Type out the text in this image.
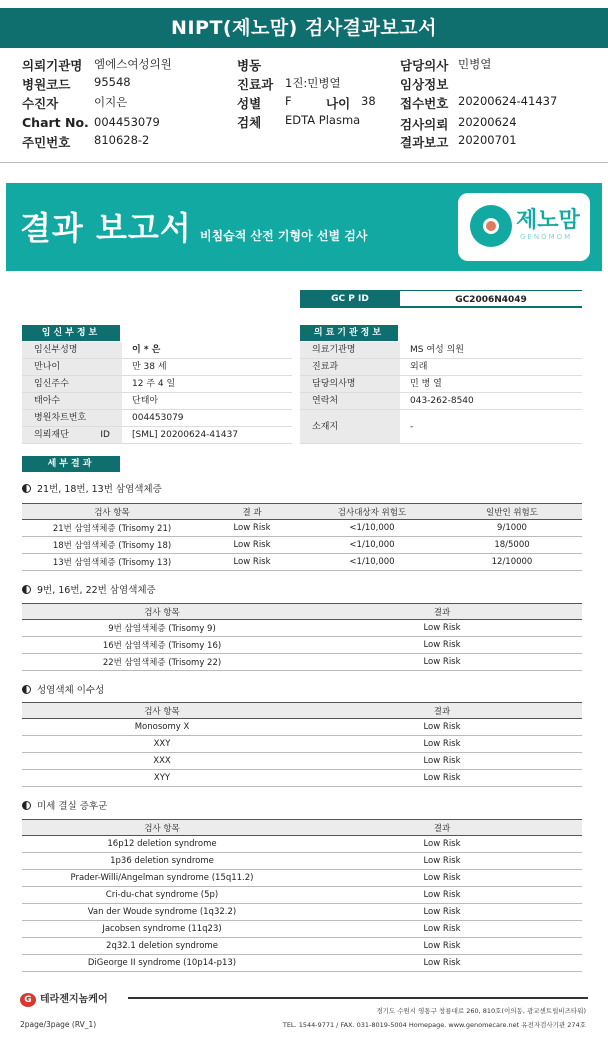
NIPT(제노맘) 검사결과보고서
의뢰기관명 엠에스여성의원
병원코드 95548
수진자	이지은
Chart No. 004453079
주민번호 810628-2
병동
진료과 1진:민병열
성별 F	나이 38
검체 EDTA Plasma
담당의사 민병열
임상정보
접수번호 20200624-41437
검사의뢰 20200624
결과보고 20200701
결과 보고서 비침습적 산전 기형아 선별 검사
제노맘
GENOMOM
GC P ID	GC2006N4049
임신부정보	의료기관정보
임신부성명	이 * 은
만나이	만 38 세
임신주수	12 주 4 일
태아수	단태아
병원차트번호	004453079
의뢰재단 ID	[SML] 20200624-41437
의료기관명	MS 여성 의원
진료과	외래
담당의사명	민 병 열
연락처	043-262-8540
소재지	-
세부결과
21번, 18번, 13번 삼염색체증
검사 항목	결 과	검사대상자 위험도	일반인 위험도
21번 삼염색체증 (Trisomy 21)	Low Risk	<1/10,000	9/1000
18번 삼염색체증 (Trisomy 18)	Low Risk	<1/10,000	18/5000
13번 삼염색체증 (Trisomy 13)	Low Risk	<1/10,000	12/10000
9번, 16번, 22번 삼염색체증
검사 항목	결과
9번 삼염색체증 (Trisomy 9)	Low Risk
16번 삼염색체증 (Trisomy 16)	Low Risk
22번 삼염색체증 (Trisomy 22)	Low Risk
성염색체 이수성
검사 항목	결과
Monosomy X	Low Risk
XXY	Low Risk
XXX	Low Risk
XYY	Low Risk
미세 결실 증후군
검사 항목	결과
16p12 deletion syndrome	Low Risk
1p36 deletion syndrome	Low Risk
Prader-Willi/Angelman syndrome (15q11.2)	Low Risk
Cri-du-chat syndrome (5p)	Low Risk
Van der Woude syndrome (1q32.2)	Low Risk
Jacobsen syndrome (11q23)	Low Risk
2q32.1 deletion syndrome	Low Risk
DiGeorge II syndrome (10p14-p13)	Low Risk
G 테라젠지놈케어
경기도 수원시 영통구 창룡대로 260, 810호(이의동, 광교센트럴비즈타워)
TEL. 1544-9771 / FAX. 031-8019-5004 Homepage. www.genomecare.net 유전자검사기관 274호
2page/3page (RV_1)
